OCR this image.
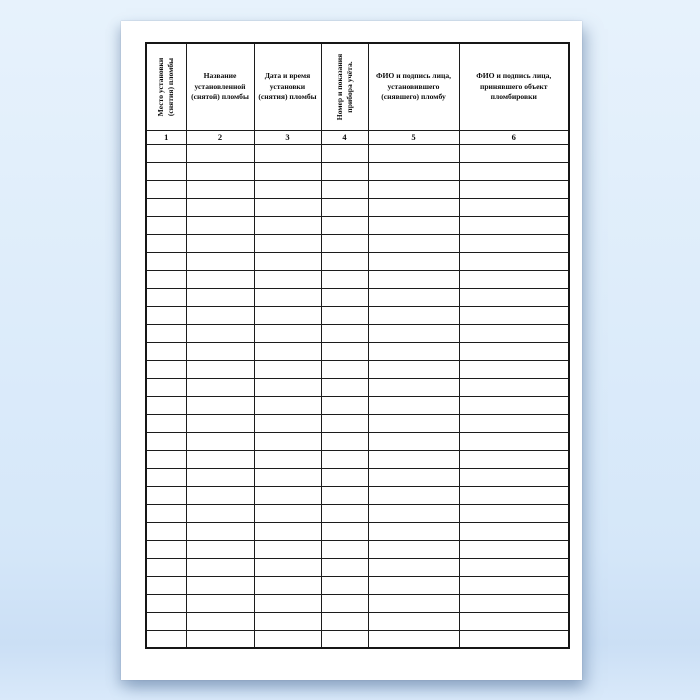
Место установки (снятия) пломбы	Название установленной (снятой) пломбы	Дата и время установки (снятия) пломбы	Номер и показания прибора учёта.	ФИО и подпись лица, установившего (снявшего) пломбу	ФИО и подпись лица, принявшего объект пломбировки
1	2	3	4	5	6
